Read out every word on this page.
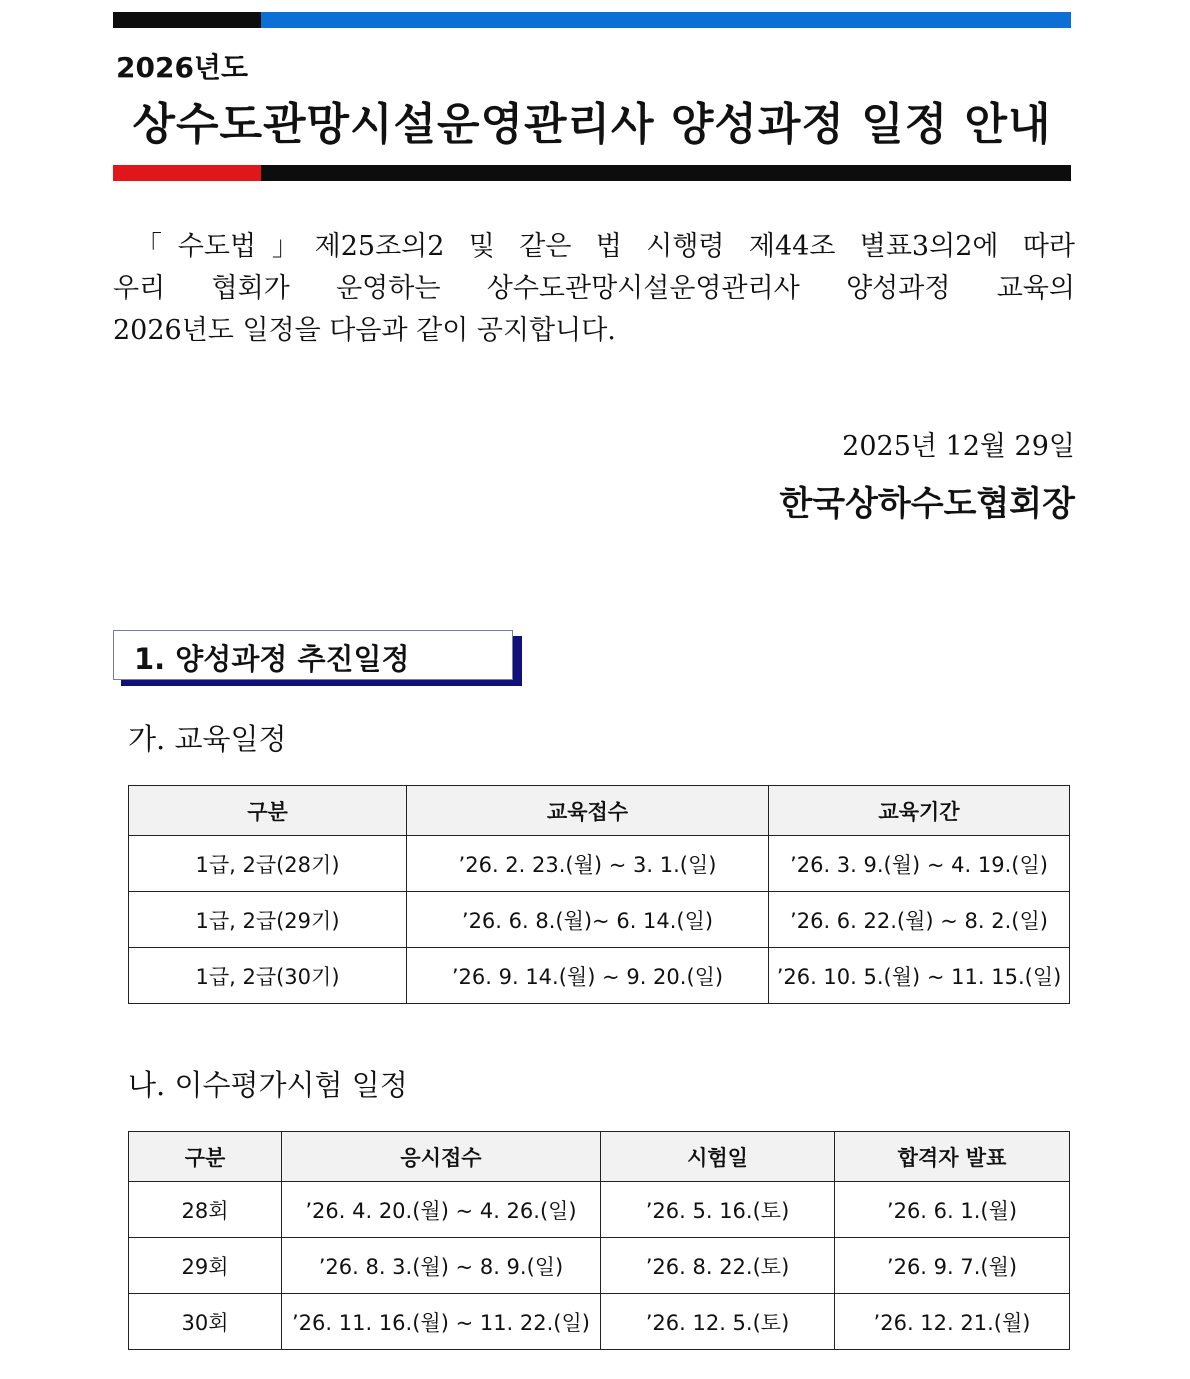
2026년도
상수도관망시설운영관리사 양성과정 일정 안내
「수도법」제25조의2 및 같은 법 시행령 제44조 별표3의2에 따라
우리 협회가 운영하는 상수도관망시설운영관리사 양성과정 교육의
2026년도 일정을 다음과 같이 공지합니다.
2025년 12월 29일
한국상하수도협회장
1. 양성과정 추진일정
가. 교육일정
구분	교육접수	교육기간
1급, 2급(28기)	’26. 2. 23.(월) ~ 3. 1.(일)	’26. 3. 9.(월) ~ 4. 19.(일)
1급, 2급(29기)	’26. 6. 8.(월)~ 6. 14.(일)	’26. 6. 22.(월) ~ 8. 2.(일)
1급, 2급(30기)	’26. 9. 14.(월) ~ 9. 20.(일)	’26. 10. 5.(월) ~ 11. 15.(일)
나. 이수평가시험 일정
구분	응시접수	시험일	합격자 발표
28회	’26. 4. 20.(월) ~ 4. 26.(일)	’26. 5. 16.(토)	’26. 6. 1.(월)
29회	’26. 8. 3.(월) ~ 8. 9.(일)	’26. 8. 22.(토)	’26. 9. 7.(월)
30회	’26. 11. 16.(월) ~ 11. 22.(일)	’26. 12. 5.(토)	’26. 12. 21.(월)
